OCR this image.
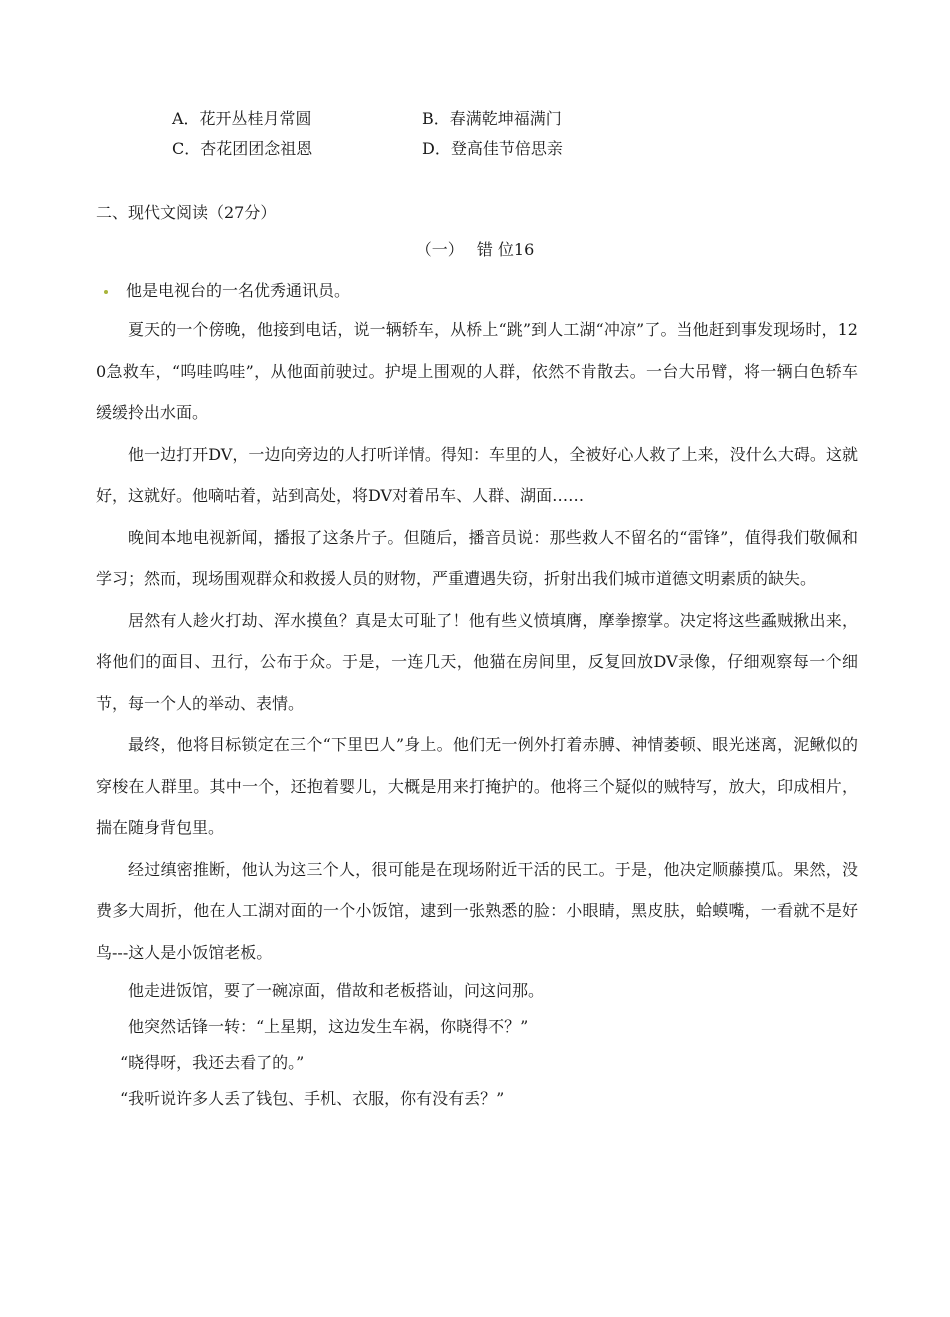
A．花开丛桂月常圆	B．春满乾坤福满门
C．杏花团团念祖恩	D．登高佳节倍思亲
二、现代文阅读（27分）
（一） 错 位16

他是电视台的一名优秀通讯员。

夏天的一个傍晚，他接到电话，说一辆轿车，从桥上“跳”到人工湖“冲凉”了。当他赶到事发现场时，120急救车，“呜哇呜哇”，从他面前驶过。护堤上围观的人群，依然不肯散去。一台大吊臂，将一辆白色轿车缓缓拎出水面。

他一边打开DV，一边向旁边的人打听详情。得知：车里的人，全被好心人救了上来，没什么大碍。这就好，这就好。他嘀咕着，站到高处，将DV对着吊车、人群、湖面……

晚间本地电视新闻，播报了这条片子。但随后，播音员说：那些救人不留名的“雷锋”，值得我们敬佩和学习；然而，现场围观群众和救援人员的财物，严重遭遇失窃，折射出我们城市道德文明素质的缺失。

居然有人趁火打劫、浑水摸鱼？真是太可耻了！他有些义愤填膺，摩拳擦掌。决定将这些蟊贼揪出来，将他们的面目、丑行，公布于众。于是，一连几天，他猫在房间里，反复回放DV录像，仔细观察每一个细节，每一个人的举动、表情。

最终，他将目标锁定在三个“下里巴人”身上。他们无一例外打着赤膊、神情萎顿、眼光迷离，泥鳅似的穿梭在人群里。其中一个，还抱着婴儿，大概是用来打掩护的。他将三个疑似的贼特写，放大，印成相片，揣在随身背包里。

经过缜密推断，他认为这三个人，很可能是在现场附近干活的民工。于是，他决定顺藤摸瓜。果然，没费多大周折，他在人工湖对面的一个小饭馆，逮到一张熟悉的脸：小眼睛，黑皮肤，蛤蟆嘴，一看就不是好鸟---这人是小饭馆老板。

他走进饭馆，要了一碗凉面，借故和老板搭讪，问这问那。

他突然话锋一转：“上星期，这边发生车祸，你晓得不？”

“晓得呀，我还去看了的。”

“我听说许多人丢了钱包、手机、衣服，你有没有丢？”
